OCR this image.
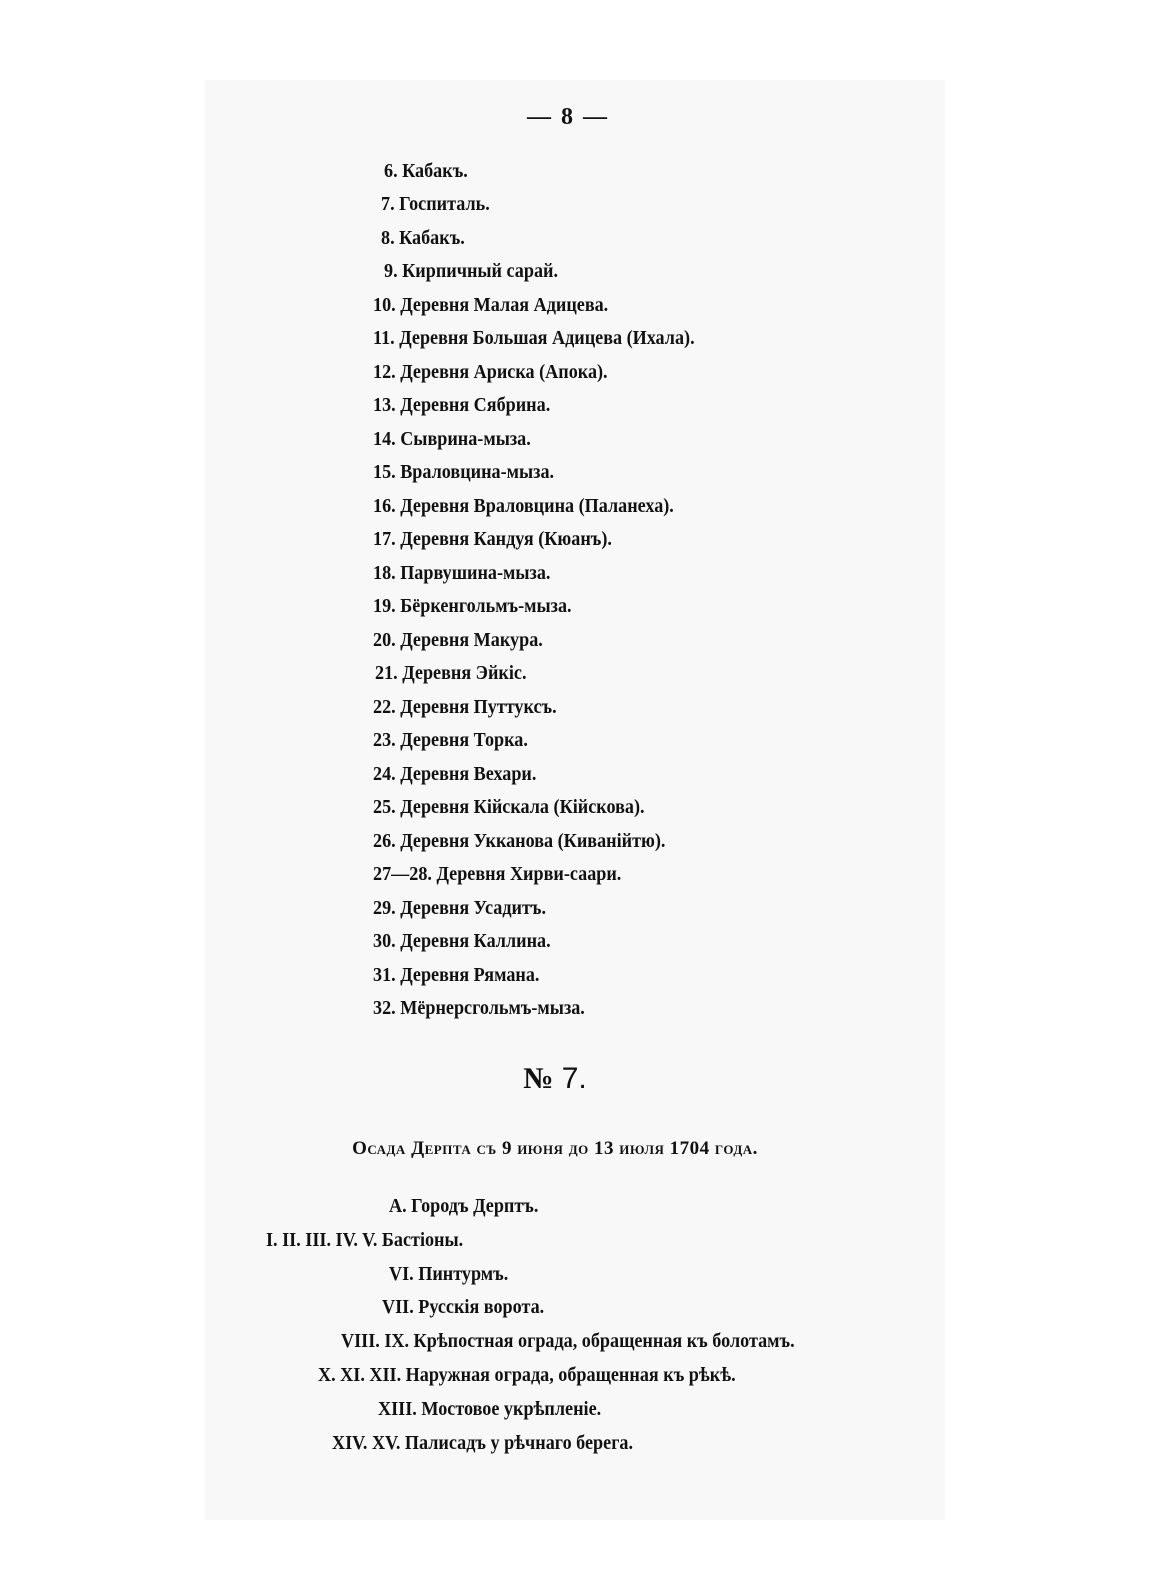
— 8 —
6. Кабакъ.
7. Госпиталь.
8. Кабакъ.
9. Кирпичный сарай.
10. Деревня Малая Адицева.
11. Деревня Большая Адицева (Ихала).
12. Деревня Ариска (Апока).
13. Деревня Сябрина.
14. Сыврина-мыза.
15. Враловцина-мыза.
16. Деревня Враловцина (Паланеха).
17. Деревня Кандуя (Кюанъ).
18. Парвушина-мыза.
19. Бёркенгольмъ-мыза.
20. Деревня Макура.
21. Деревня Эйкіс.
22. Деревня Путтуксъ.
23. Деревня Торка.
24. Деревня Вехари.
25. Деревня Кійскала (Кійскова).
26. Деревня Укканова (Киванійтю).
27—28. Деревня Хирви-саари.
29. Деревня Усадитъ.
30. Деревня Каллина.
31. Деревня Рямана.
32. Мёрнерсгольмъ-мыза.
№ 7.
Осада Дерпта съ 9 июня до 13 июля 1704 года.
А. Городъ Дерптъ.
I. II. III. IV. V. Бастіоны.
VI. Пинтурмъ.
VII. Русскія ворота.
VIII. IX. Крѣпостная ограда, обращенная къ болотамъ.
X. XI. XII. Наружная ограда, обращенная къ рѣкѣ.
XIII. Мостовое укрѣпленіе.
XIV. XV. Палисадъ у рѣчнаго берега.
